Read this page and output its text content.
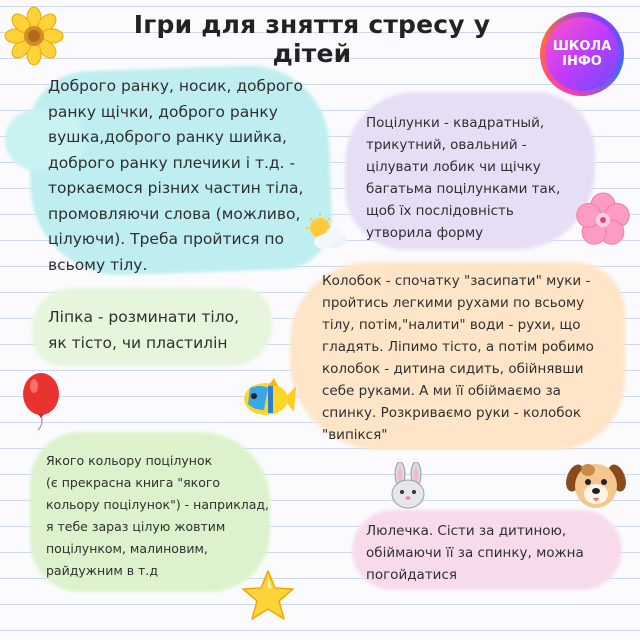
Ігри для зняття стресу у дітей	ШКОЛА
ІНФО
Доброго ранку, носик, доброго
ранку щічки, доброго ранку
вушка,доброго ранку шийка,
доброго ранку плечики і т.д. -
торкаємося різних частин тіла,
промовляючи слова (можливо,
цілуючи). Треба пройтися по
всьому тілу.
Поцілунки - квадратный,
трикутний, овальний -
цілувати лобик чи щічку
багатьма поцілунками так,
щоб їх послідовність
утворила форму
Ліпка - розминати тіло,
як тісто, чи пластилін
Колобок - спочатку "засипати" муки -
пройтись легкими рухами по всьому
тілу, потім,"налити" води - рухи, що
гладять. Ліпимо тісто, а потім робимо
колобок - дитина сидить, обійнявши
себе руками. А ми її обіймаємо за
спинку. Розкриваємо руки - колобок
"випікся"
Якого кольору поцілунок
(є прекрасна книга "якого
кольору поцілунок") - наприклад,
я тебе зараз цілую жовтим
поцілунком, малиновим,
райдужним в т.д
Люлечка. Сісти за дитиною,
обіймаючи її за спинку, можна
погойдатися
